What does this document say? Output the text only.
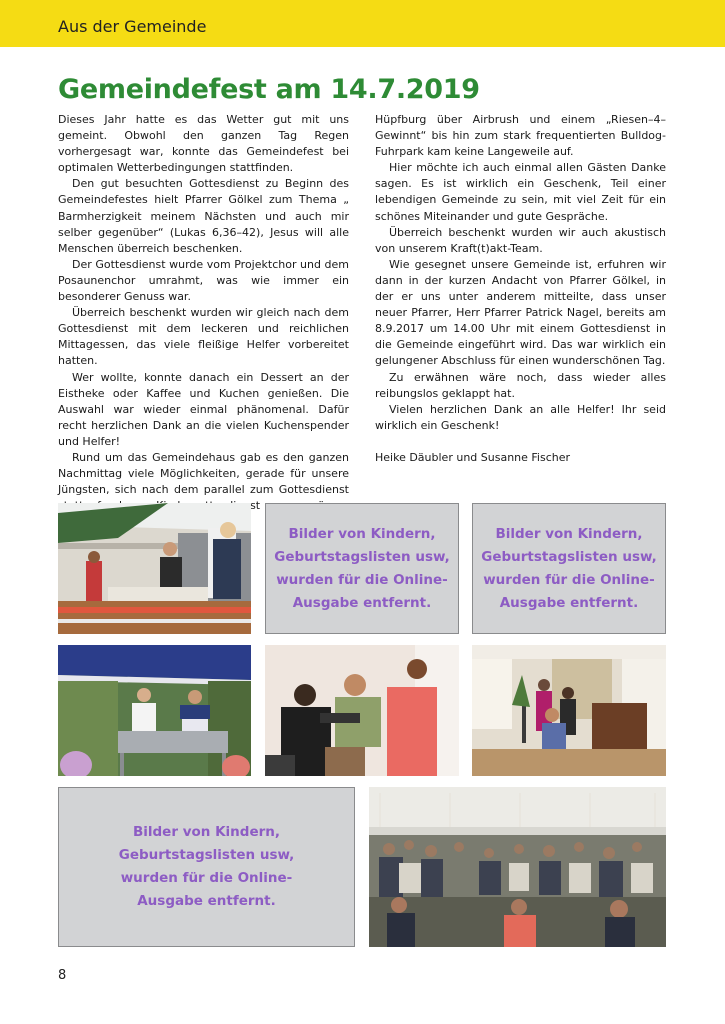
Aus der Gemeinde
Gemeindefest am 14.7.2019

Dieses Jahr hatte es das Wetter gut mit uns gemeint. Obwohl den ganzen Tag Regen vorhergesagt war, konnte das Gemeindefest bei optimalen Wetterbedingungen stattfinden.

Den gut besuchten Gottesdienst zu Beginn des Gemeindefestes hielt Pfarrer Gölkel zum Thema „ Barmherzigkeit meinem Nächsten und auch mir selber gegenüber“ (Lukas 6,36–42), Jesus will alle Menschen überreich beschenken.

Der Gottesdienst wurde vom Projektchor und dem Posaunenchor umrahmt, was wie immer ein besonderer Genuss war.

Überreich beschenkt wurden wir gleich nach dem Gottesdienst mit dem leckeren und reichlichen Mittagessen, das viele fleißige Helfer vorbereitet hatten.

Wer wollte, konnte danach ein Dessert an der Eistheke oder Kaffee und Kuchen genießen. Die Auswahl war wieder einmal phänomenal. Dafür recht herzlichen Dank an die vielen Kuchenspender und Helfer!

Rund um das Gemeindehaus gab es den ganzen Nachmittag viele Möglichkeiten, gerade für unsere Jüngsten, sich nach dem parallel zum Gottesdienst

Hüpfburg über Airbrush und einem „Riesen–4–Gewinnt“ bis hin zum stark frequentierten Bulldog-Fuhrpark kam keine Langeweile auf.

Hier möchte ich auch einmal allen Gästen Danke sagen. Es ist wirklich ein Geschenk, Teil einer lebendigen Gemeinde zu sein, mit viel Zeit für ein schönes Miteinander und gute Gespräche.

Überreich beschenkt wurden wir auch akustisch von unserem Kraft(t)akt-Team.

Wie gesegnet unsere Gemeinde ist, erfuhren wir dann in der kurzen Andacht von Pfarrer Gölkel, in der er uns unter anderem mitteilte, dass unser neuer Pfarrer, Herr Pfarrer Patrick Nagel, bereits am 8.9.2017 um 14.00 Uhr mit einem Gottesdienst in die Gemeinde eingeführt wird. Das war wirklich ein gelungener Abschluss für einen wunderschönen Tag.

Zu erwähnen wäre noch, dass wieder alles reibungslos geklappt hat.

Vielen herzlichen Dank an alle Helfer! Ihr seid wirklich ein Geschenk!

Heike Däubler und Susanne Fischer

Bilder von Kindern,
Geburtstagslisten usw,
wurden für die Online-
Ausgabe entfernt.
Bilder von Kindern,
Geburtstagslisten usw,
wurden für die Online-
Ausgabe entfernt.
Bilder von Kindern,
Geburtstagslisten usw,
wurden für die Online-
Ausgabe entfernt.
8
